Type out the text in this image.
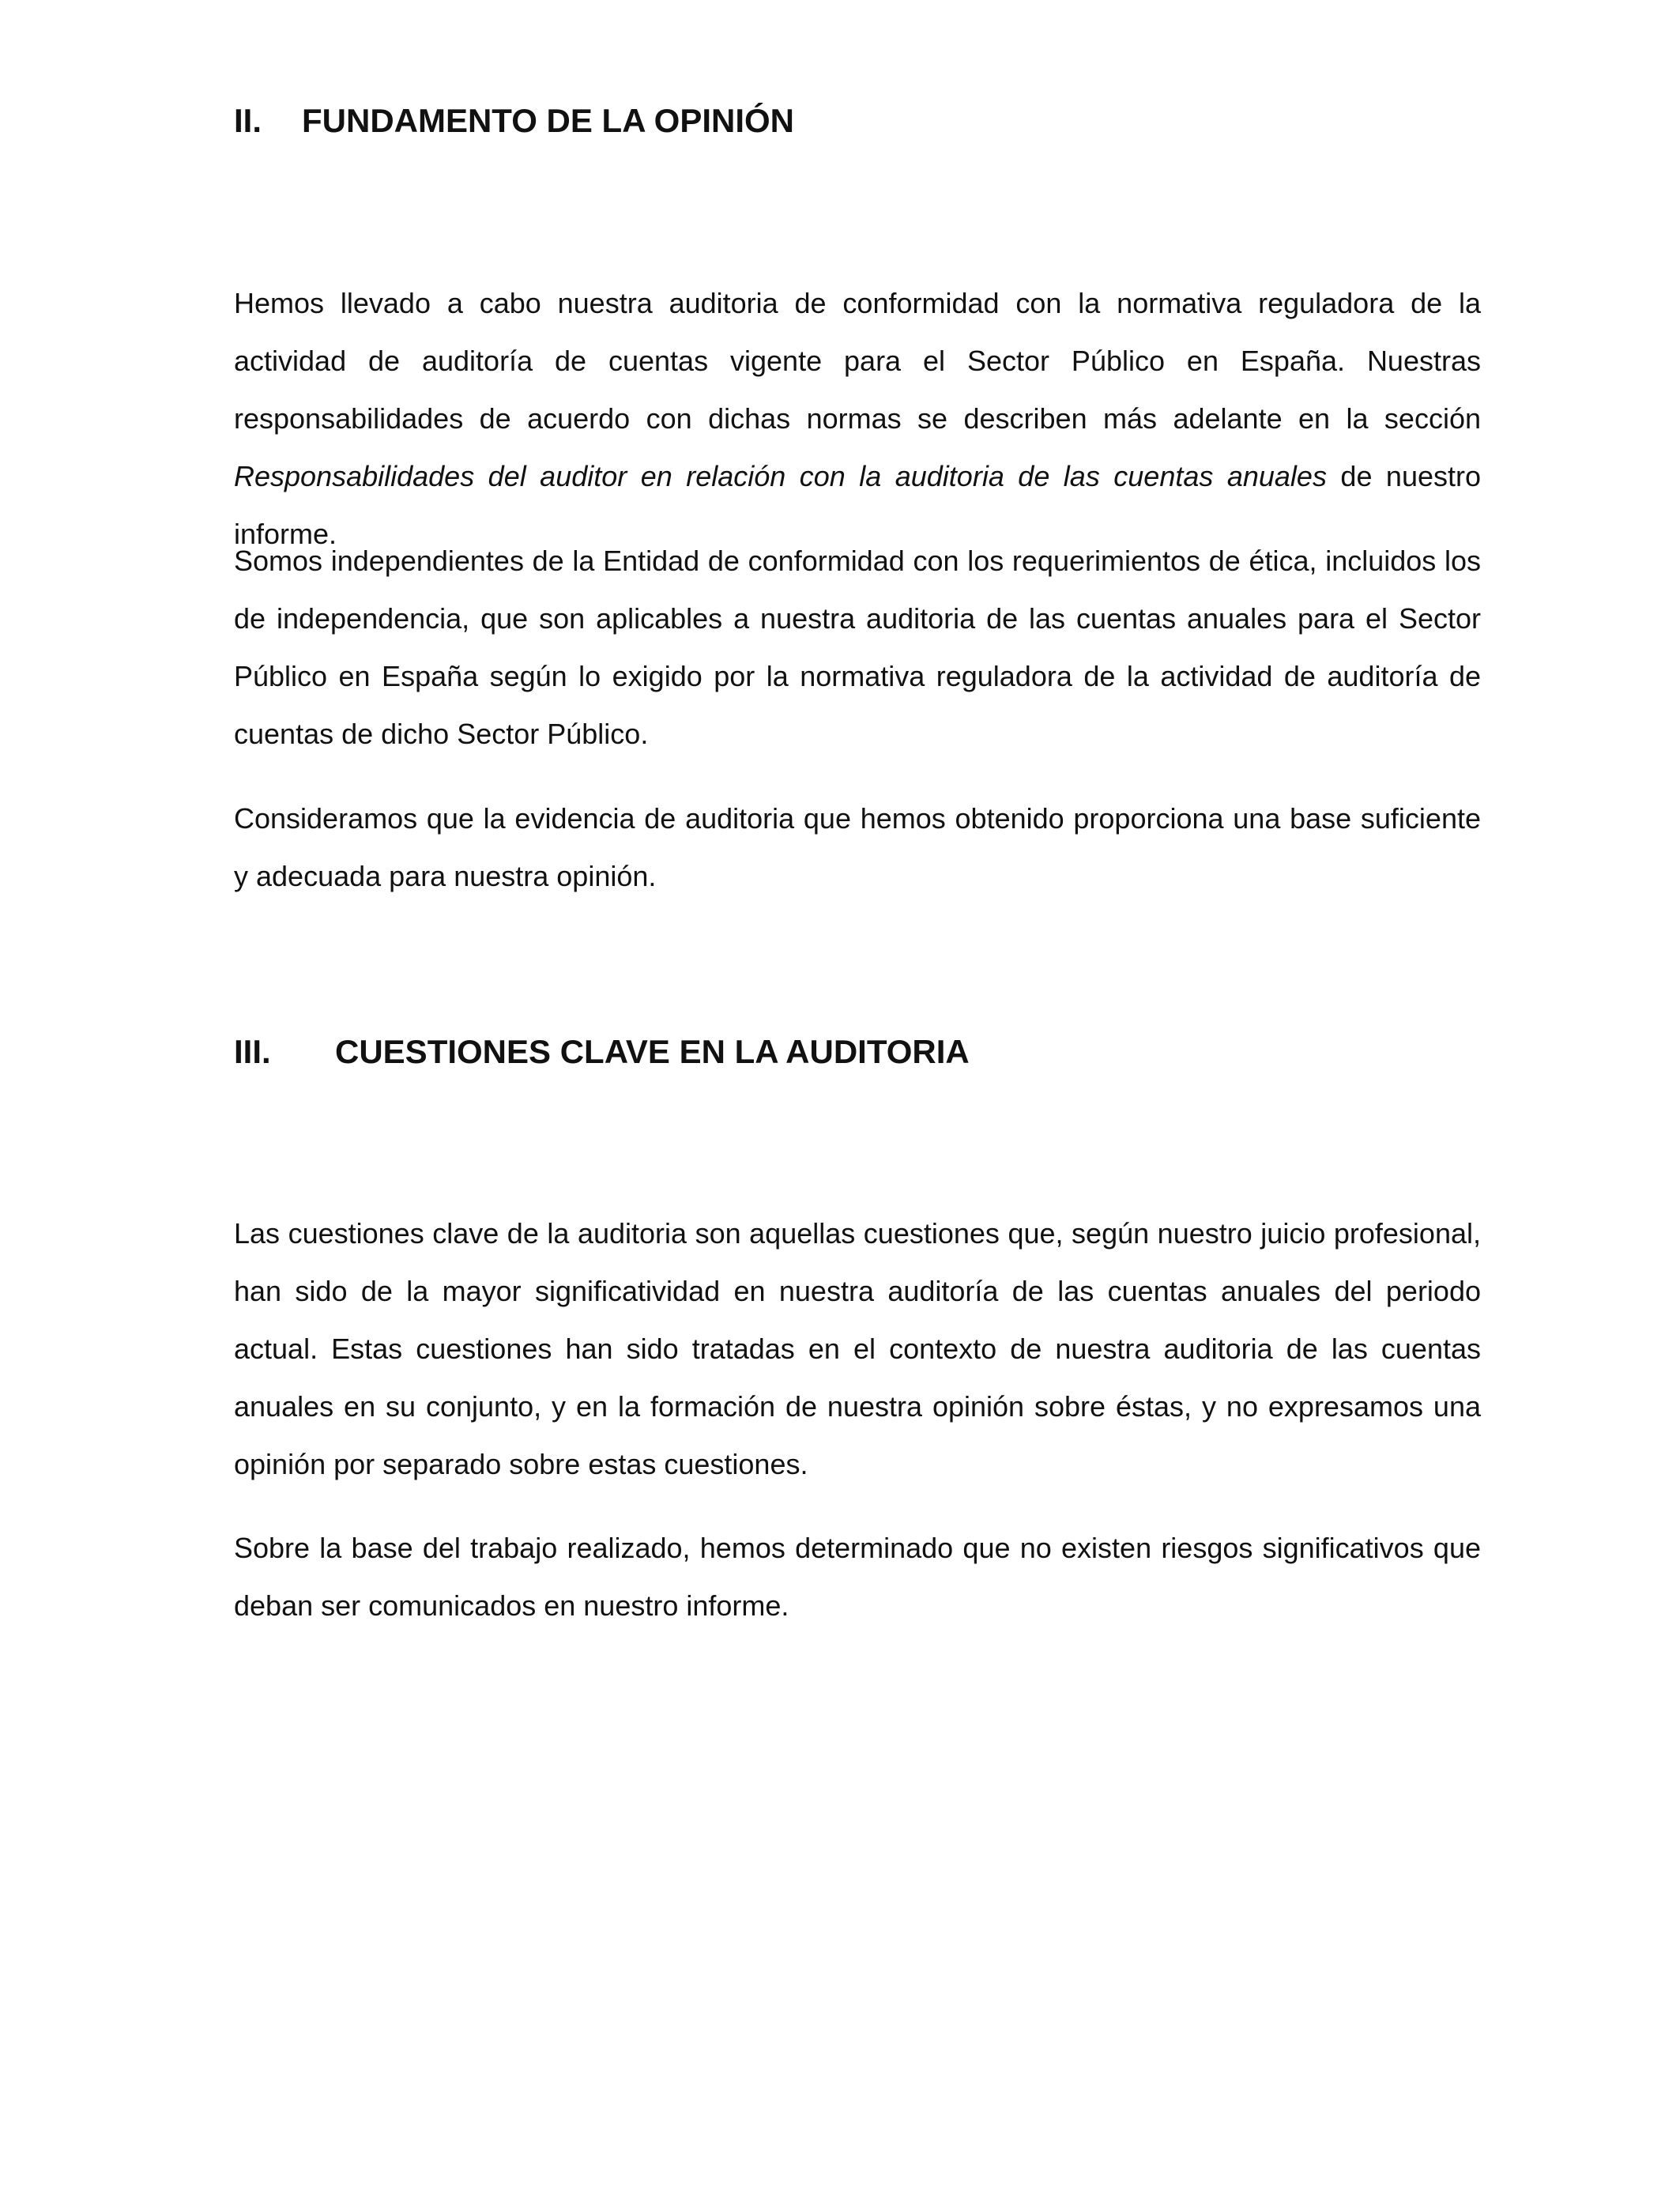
II. FUNDAMENTO DE LA OPINIÓN

Hemos llevado a cabo nuestra auditoria de conformidad con la normativa reguladora de la actividad de auditoría de cuentas vigente para el Sector Público en España. Nuestras responsabilidades de acuerdo con dichas normas se describen más adelante en la sección Responsabilidades del auditor en relación con la auditoria de las cuentas anuales de nuestro informe.

Somos independientes de la Entidad de conformidad con los requerimientos de ética, incluidos los de independencia, que son aplicables a nuestra auditoria de las cuentas anuales para el Sector Público en España según lo exigido por la normativa reguladora de la actividad de auditoría de cuentas de dicho Sector Público.

Consideramos que la evidencia de auditoria que hemos obtenido proporciona una base suficiente y adecuada para nuestra opinión.

III. CUESTIONES CLAVE EN LA AUDITORIA

Las cuestiones clave de la auditoria son aquellas cuestiones que, según nuestro juicio profesional, han sido de la mayor significatividad en nuestra auditoría de las cuentas anuales del periodo actual. Estas cuestiones han sido tratadas en el contexto de nuestra auditoria de las cuentas anuales en su conjunto, y en la formación de nuestra opinión sobre éstas, y no expresamos una opinión por separado sobre estas cuestiones.

Sobre la base del trabajo realizado, hemos determinado que no existen riesgos significativos que deban ser comunicados en nuestro informe.
